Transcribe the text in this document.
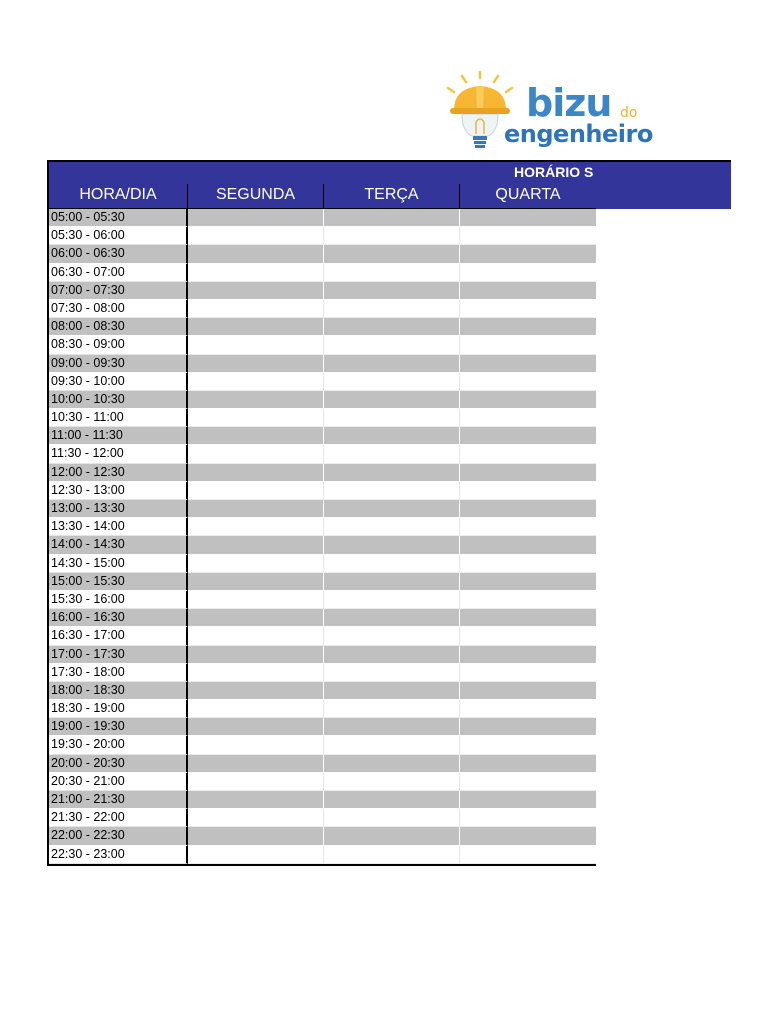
bizu do
engenheiro
HORÁRIO S
HORA/DIA	SEGUNDA	TERÇA	QUARTA
05:00 - 05:30
05:30 - 06:00
06:00 - 06:30
06:30 - 07:00
07:00 - 07:30
07:30 - 08:00
08:00 - 08:30
08:30 - 09:00
09:00 - 09:30
09:30 - 10:00
10:00 - 10:30
10:30 - 11:00
11:00 - 11:30
11:30 - 12:00
12:00 - 12:30
12:30 - 13:00
13:00 - 13:30
13:30 - 14:00
14:00 - 14:30
14:30 - 15:00
15:00 - 15:30
15:30 - 16:00
16:00 - 16:30
16:30 - 17:00
17:00 - 17:30
17:30 - 18:00
18:00 - 18:30
18:30 - 19:00
19:00 - 19:30
19:30 - 20:00
20:00 - 20:30
20:30 - 21:00
21:00 - 21:30
21:30 - 22:00
22:00 - 22:30
22:30 - 23:00
